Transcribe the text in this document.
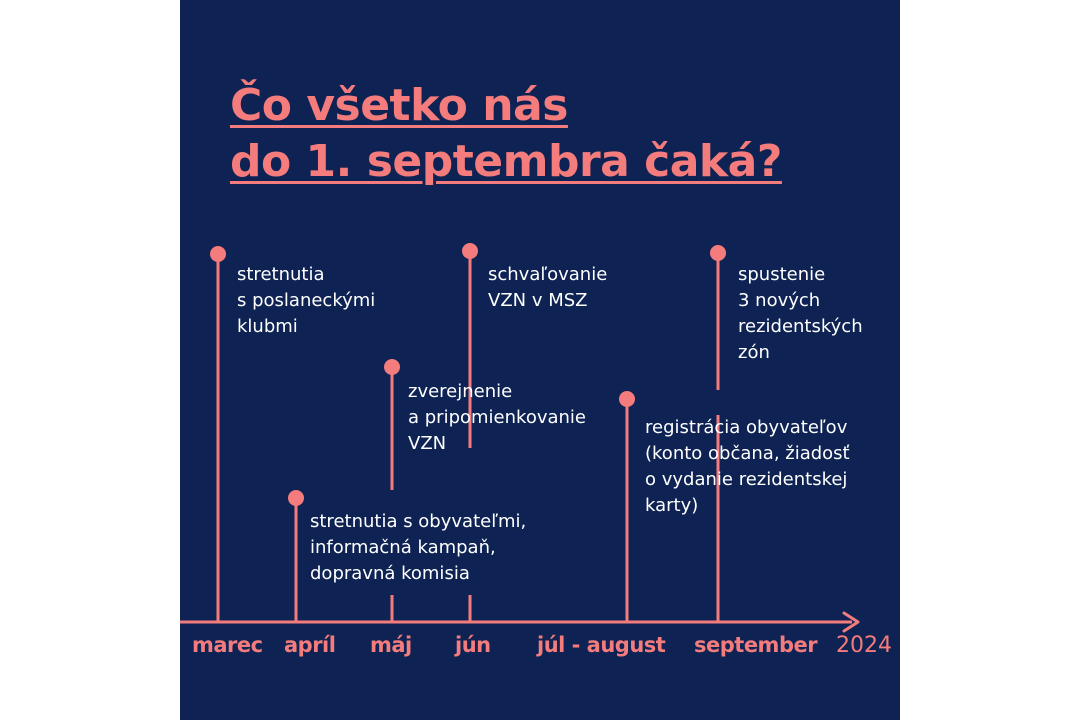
Čo všetko nás
do 1. septembra čaká?
stretnutia
s poslaneckými
klubmi
stretnutia s obyvateľmi,
informačná kampaň,
dopravná komisia
zverejnenie
a pripomienkovanie
VZN
schvaľovanie
VZN v MSZ
registrácia obyvateľov
(konto občana, žiadosť
o vydanie rezidentskej
karty)
spustenie
3 nových
rezidentských
zón
marec apríl máj jún júl - august september 2024
